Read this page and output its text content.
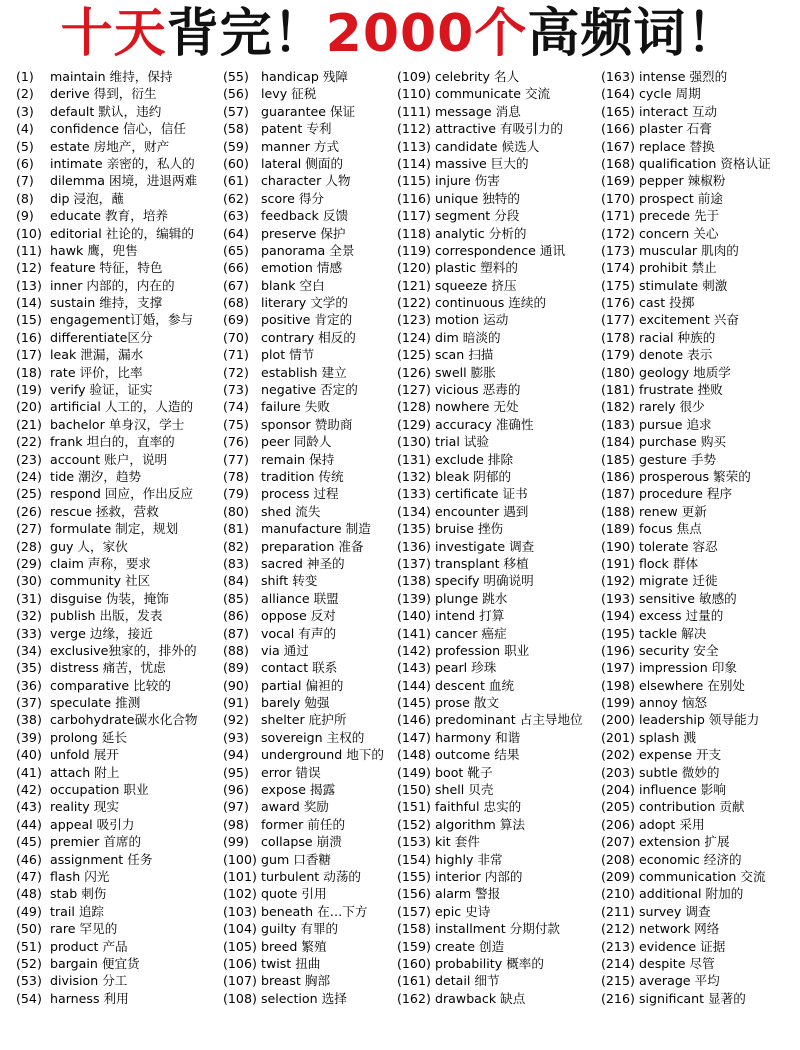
十天背完！2000个高频词！
(1) maintain 维持，保持
(2) derive 得到，衍生
(3) default 默认，违约
(4) confidence 信心，信任
(5) estate 房地产，财产
(6) intimate 亲密的，私人的
(7) dilemma 困境，进退两难
(8) dip 浸泡，蘸
(9) educate 教育，培养
(10) editorial 社论的，编辑的
(11) hawk 鹰，兜售
(12) feature 特征，特色
(13) inner 内部的，内在的
(14) sustain 维持，支撑
(15) engagement订婚，参与
(16) differentiate区分
(17) leak 泄漏，漏水
(18) rate 评价，比率
(19) verify 验证，证实
(20) artificial 人工的，人造的
(21) bachelor 单身汉，学士
(22) frank 坦白的，直率的
(23) account 账户，说明
(24) tide 潮汐，趋势
(25) respond 回应，作出反应
(26) rescue 拯救，营救
(27) formulate 制定，规划
(28) guy 人，家伙
(29) claim 声称，要求
(30) community 社区
(31) disguise 伪装，掩饰
(32) publish 出版，发表
(33) verge 边缘，接近
(34) exclusive独家的，排外的
(35) distress 痛苦，忧虑
(36) comparative 比较的
(37) speculate 推测
(38) carbohydrate碳水化合物
(39) prolong 延长
(40) unfold 展开
(41) attach 附上
(42) occupation 职业
(43) reality 现实
(44) appeal 吸引力
(45) premier 首席的
(46) assignment 任务
(47) flash 闪光
(48) stab 刺伤
(49) trail 追踪
(50) rare 罕见的
(51) product 产品
(52) bargain 便宜货
(53) division 分工
(54) harness 利用
(55) handicap 残障
(56) levy 征税
(57) guarantee 保证
(58) patent 专利
(59) manner 方式
(60) lateral 侧面的
(61) character 人物
(62) score 得分
(63) feedback 反馈
(64) preserve 保护
(65) panorama 全景
(66) emotion 情感
(67) blank 空白
(68) literary 文学的
(69) positive 肯定的
(70) contrary 相反的
(71) plot 情节
(72) establish 建立
(73) negative 否定的
(74) failure 失败
(75) sponsor 赞助商
(76) peer 同龄人
(77) remain 保持
(78) tradition 传统
(79) process 过程
(80) shed 流失
(81) manufacture 制造
(82) preparation 准备
(83) sacred 神圣的
(84) shift 转变
(85) alliance 联盟
(86) oppose 反对
(87) vocal 有声的
(88) via 通过
(89) contact 联系
(90) partial 偏袒的
(91) barely 勉强
(92) shelter 庇护所
(93) sovereign 主权的
(94) underground 地下的
(95) error 错误
(96) expose 揭露
(97) award 奖励
(98) former 前任的
(99) collapse 崩溃
(100) gum 口香糖
(101) turbulent 动荡的
(102) quote 引用
(103) beneath 在…下方
(104) guilty 有罪的
(105) breed 繁殖
(106) twist 扭曲
(107) breast 胸部
(108) selection 选择
(109) celebrity 名人
(110) communicate 交流
(111) message 消息
(112) attractive 有吸引力的
(113) candidate 候选人
(114) massive 巨大的
(115) injure 伤害
(116) unique 独特的
(117) segment 分段
(118) analytic 分析的
(119) correspondence 通讯
(120) plastic 塑料的
(121) squeeze 挤压
(122) continuous 连续的
(123) motion 运动
(124) dim 暗淡的
(125) scan 扫描
(126) swell 膨胀
(127) vicious 恶毒的
(128) nowhere 无处
(129) accuracy 准确性
(130) trial 试验
(131) exclude 排除
(132) bleak 阴郁的
(133) certificate 证书
(134) encounter 遇到
(135) bruise 挫伤
(136) investigate 调查
(137) transplant 移植
(138) specify 明确说明
(139) plunge 跳水
(140) intend 打算
(141) cancer 癌症
(142) profession 职业
(143) pearl 珍珠
(144) descent 血统
(145) prose 散文
(146) predominant 占主导地位
(147) harmony 和谐
(148) outcome 结果
(149) boot 靴子
(150) shell 贝壳
(151) faithful 忠实的
(152) algorithm 算法
(153) kit 套件
(154) highly 非常
(155) interior 内部的
(156) alarm 警报
(157) epic 史诗
(158) installment 分期付款
(159) create 创造
(160) probability 概率的
(161) detail 细节
(162) drawback 缺点
(163) intense 强烈的
(164) cycle 周期
(165) interact 互动
(166) plaster 石膏
(167) replace 替换
(168) qualification 资格认证
(169) pepper 辣椒粉
(170) prospect 前途
(171) precede 先于
(172) concern 关心
(173) muscular 肌肉的
(174) prohibit 禁止
(175) stimulate 刺激
(176) cast 投掷
(177) excitement 兴奋
(178) racial 种族的
(179) denote 表示
(180) geology 地质学
(181) frustrate 挫败
(182) rarely 很少
(183) pursue 追求
(184) purchase 购买
(185) gesture 手势
(186) prosperous 繁荣的
(187) procedure 程序
(188) renew 更新
(189) focus 焦点
(190) tolerate 容忍
(191) flock 群体
(192) migrate 迁徙
(193) sensitive 敏感的
(194) excess 过量的
(195) tackle 解决
(196) security 安全
(197) impression 印象
(198) elsewhere 在别处
(199) annoy 恼怒
(200) leadership 领导能力
(201) splash 溅
(202) expense 开支
(203) subtle 微妙的
(204) influence 影响
(205) contribution 贡献
(206) adopt 采用
(207) extension 扩展
(208) economic 经济的
(209) communication 交流
(210) additional 附加的
(211) survey 调查
(212) network 网络
(213) evidence 证据
(214) despite 尽管
(215) average 平均
(216) significant 显著的
